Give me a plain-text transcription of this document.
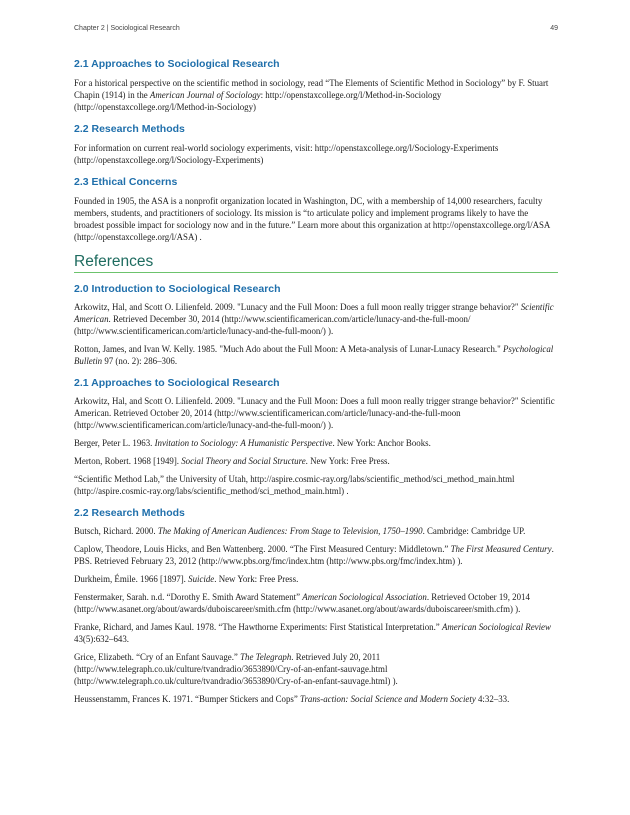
Chapter 2 | Sociological Research	49
2.1 Approaches to Sociological Research

For a historical perspective on the scientific method in sociology, read “The Elements of Scientific Method in Sociology” by F. Stuart Chapin (1914) in the American Journal of Sociology: http://openstaxcollege.org/l/Method-in-Sociology (http://openstaxcollege.org/l/Method-in-Sociology)

2.2 Research Methods

For information on current real-world sociology experiments, visit: http://openstaxcollege.org/l/Sociology-Experiments (http://openstaxcollege.org/l/Sociology-Experiments)

2.3 Ethical Concerns

Founded in 1905, the ASA is a nonprofit organization located in Washington, DC, with a membership of 14,000 researchers, faculty members, students, and practitioners of sociology. Its mission is “to articulate policy and implement programs likely to have the broadest possible impact for sociology now and in the future.” Learn more about this organization at http://openstaxcollege.org/l/ASA (http://openstaxcollege.org/l/ASA) .

References
2.0 Introduction to Sociological Research

Arkowitz, Hal, and Scott O. Lilienfeld. 2009. "Lunacy and the Full Moon: Does a full moon really trigger strange behavior?" Scientific American. Retrieved December 30, 2014 (http://www.scientificamerican.com/article/lunacy-and-the-full-moon/ (http://www.scientificamerican.com/article/lunacy-and-the-full-moon/) ).

Rotton, James, and Ivan W. Kelly. 1985. "Much Ado about the Full Moon: A Meta-analysis of Lunar-Lunacy Research." Psychological Bulletin 97 (no. 2): 286–306.

2.1 Approaches to Sociological Research

Arkowitz, Hal, and Scott O. Lilienfeld. 2009. "Lunacy and the Full Moon: Does a full moon really trigger strange behavior?" Scientific American. Retrieved October 20, 2014 (http://www.scientificamerican.com/article/lunacy-and-the-full-moon (http://www.scientificamerican.com/article/lunacy-and-the-full-moon/) ).

Berger, Peter L. 1963. Invitation to Sociology: A Humanistic Perspective. New York: Anchor Books.

Merton, Robert. 1968 [1949]. Social Theory and Social Structure. New York: Free Press.

“Scientific Method Lab,” the University of Utah, http://aspire.cosmic-ray.org/labs/scientific_method/sci_method_main.html (http://aspire.cosmic-ray.org/labs/scientific_method/sci_method_main.html) .

2.2 Research Methods

Butsch, Richard. 2000. The Making of American Audiences: From Stage to Television, 1750–1990. Cambridge: Cambridge UP.

Caplow, Theodore, Louis Hicks, and Ben Wattenberg. 2000. “The First Measured Century: Middletown.” The First Measured Century. PBS. Retrieved February 23, 2012 (http://www.pbs.org/fmc/index.htm (http://www.pbs.org/fmc/index.htm) ).

Durkheim, Émile. 1966 [1897]. Suicide. New York: Free Press.

Fenstermaker, Sarah. n.d. “Dorothy E. Smith Award Statement” American Sociological Association. Retrieved October 19, 2014 (http://www.asanet.org/about/awards/duboiscareer/smith.cfm (http://www.asanet.org/about/awards/duboiscareer/smith.cfm) ).

Franke, Richard, and James Kaul. 1978. “The Hawthorne Experiments: First Statistical Interpretation.” American Sociological Review 43(5):632–643.

Grice, Elizabeth. “Cry of an Enfant Sauvage.” The Telegraph. Retrieved July 20, 2011 (http://www.telegraph.co.uk/culture/tvandradio/3653890/Cry-of-an-enfant-sauvage.html (http://www.telegraph.co.uk/culture/tvandradio/3653890/Cry-of-an-enfant-sauvage.html) ).

Heussenstamm, Frances K. 1971. “Bumper Stickers and Cops” Trans-action: Social Science and Modern Society 4:32–33.
